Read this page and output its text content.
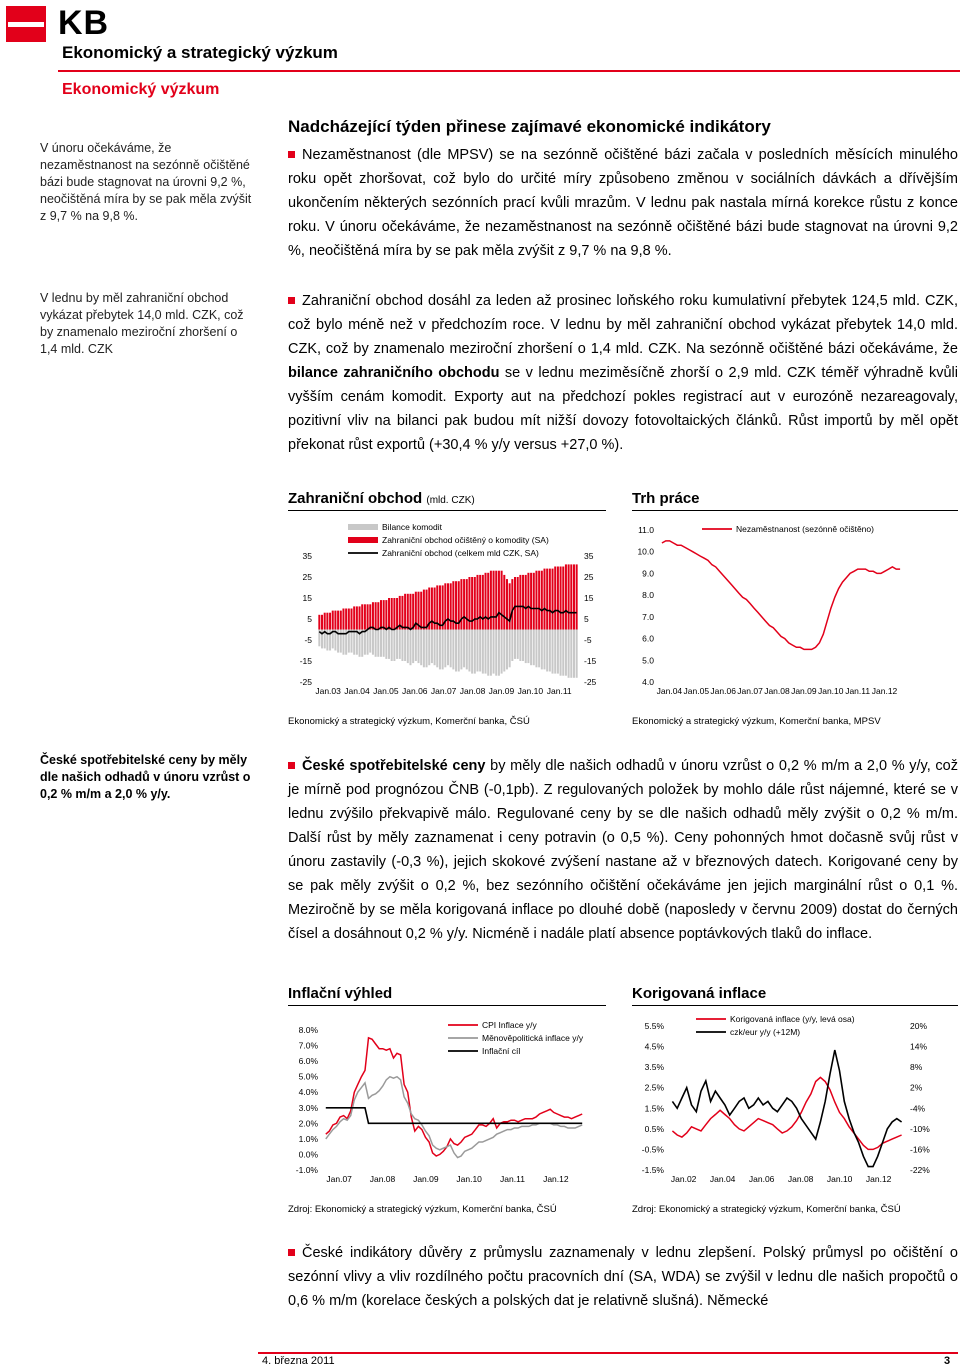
KB
Ekonomický a strategický výzkum
Ekonomický výzkum
V únoru očekáváme, že nezaměstnanost na sezónně očištěné bázi bude stagnovat na úrovni 9,2 %, neočištěná míra by se pak měla zvýšit z 9,7 % na 9,8 %.
V lednu by měl zahraniční obchod vykázat přebytek 14,0 mld. CZK, což by znamenalo meziroční zhoršení o 1,4 mld. CZK
České spotřebitelské ceny by měly dle našich odhadů v únoru vzrůst o 0,2 % m/m a 2,0 % y/y.
Nadcházející týden přinese zajímavé ekonomické indikátory

Nezaměstnanost (dle MPSV) se na sezónně očištěné bázi začala v posledních měsících minulého roku opět zhoršovat, což bylo do určité míry způsobeno změnou v sociálních dávkách a dřívějším ukončením některých sezónních prací kvůli mrazům. V lednu pak nastala mírná korekce růstu z konce roku. V únoru očekáváme, že nezaměstnanost na sezónně očištěné bázi bude stagnovat na úrovni 9,2 %, neočištěná míra by se pak měla zvýšit z 9,7 % na 9,8 %.

Zahraniční obchod dosáhl za leden až prosinec loňského roku kumulativní přebytek 124,5 mld. CZK, což bylo méně než v předchozím roce. V lednu by měl zahraniční obchod vykázat přebytek 14,0 mld. CZK, což by znamenalo meziroční zhoršení o 1,4 mld. CZK. Na sezónně očištěné bázi očekáváme, že bilance zahraničního obchodu se v lednu meziměsíčně zhorší o 2,9 mld. CZK téměř výhradně kvůli vyšším cenám komodit. Exporty aut na předchozí pokles registrací aut v eurozóně nezareagovaly, pozitivní vliv na bilanci pak budou mít nižší dovozy fotovoltaických článků. Růst importů by měl opět překonat růst exportů (+30,4 % y/y versus +27,0 %).

České spotřebitelské ceny by měly dle našich odhadů v únoru vzrůst o 0,2 % m/m a 2,0 % y/y, což je mírně pod prognózou ČNB (-0,1pb). Z regulovaných položek by mohlo dále růst nájemné, které se v lednu zvýšilo překvapivě málo. Regulované ceny by se dle našich odhadů měly zvýšit o 0,2 % m/m. Další růst by měly zaznamenat i ceny potravin (o 0,5 %). Ceny pohonných hmot dočasně svůj růst v únoru zastavily (-0,3 %), jejich skokové zvýšení nastane až v březnových datech. Korigované ceny by se pak měly zvýšit o 0,2 %, bez sezónního očištění očekáváme jen jejich marginální růst o 0,1 %. Meziročně by se měla korigovaná inflace po dlouhé době (naposledy v červnu 2009) dostat do černých čísel a dosáhnout 0,2 % y/y. Nicméně i nadále platí absence poptávkových tlaků do inflace.

České indikátory důvěry z průmyslu zaznamenaly v lednu zlepšení. Polský průmysl po očištění o sezónní vlivy a vliv rozdílného počtu pracovních dní (SA, WDA) se zvýšil v lednu dle našich propočtů o 0,6 % m/m (korelace českých a polských dat je relativně slušná). Německé

Zahraniční obchod (mld. CZK)
35
25
15
5
-5
-15
-25
35
25
15
5
-5
-15
-25
Jan.03 Jan.04 Jan.05 Jan.06 Jan.07 Jan.08 Jan.09 Jan.10 Jan.11
Bilance komodit
Zahraniční obchod očištěný o komodity (SA)
Zahraniční obchod (celkem mld CZK, SA)
Ekonomický a strategický výzkum, Komerční banka, ČSÚ
Trh práce
11.0
10.0
9.0
8.0
7.0
6.0
5.0
4.0
Jan.04 Jan.05 Jan.06 Jan.07 Jan.08 Jan.09 Jan.10 Jan.11 Jan.12
Nezaměstnanost (sezónně očištěno)
Ekonomický a strategický výzkum, Komerční banka, MPSV
Inflační výhled
8.0%
7.0%
6.0%
5.0%
4.0%
3.0%
2.0%
1.0%
0.0%
-1.0%
Jan.07 Jan.08 Jan.09 Jan.10 Jan.11 Jan.12
CPI Inflace y/y
Měnověpolitická inflace y/y
Inflační cíl
Zdroj: Ekonomický a strategický výzkum, Komerční banka, ČSÚ
Korigovaná inflace
5.5%
4.5%
3.5%
2.5%
1.5%
0.5%
-0.5%
-1.5%
20%
14%
8%
2%
-4%
-10%
-16%
-22%
Jan.02 Jan.04 Jan.06 Jan.08 Jan.10 Jan.12
Korigovaná inflace (y/y, levá osa)
czk/eur y/y (+12M)
Zdroj: Ekonomický a strategický výzkum, Komerční banka, ČSÚ
4. března 2011	3
